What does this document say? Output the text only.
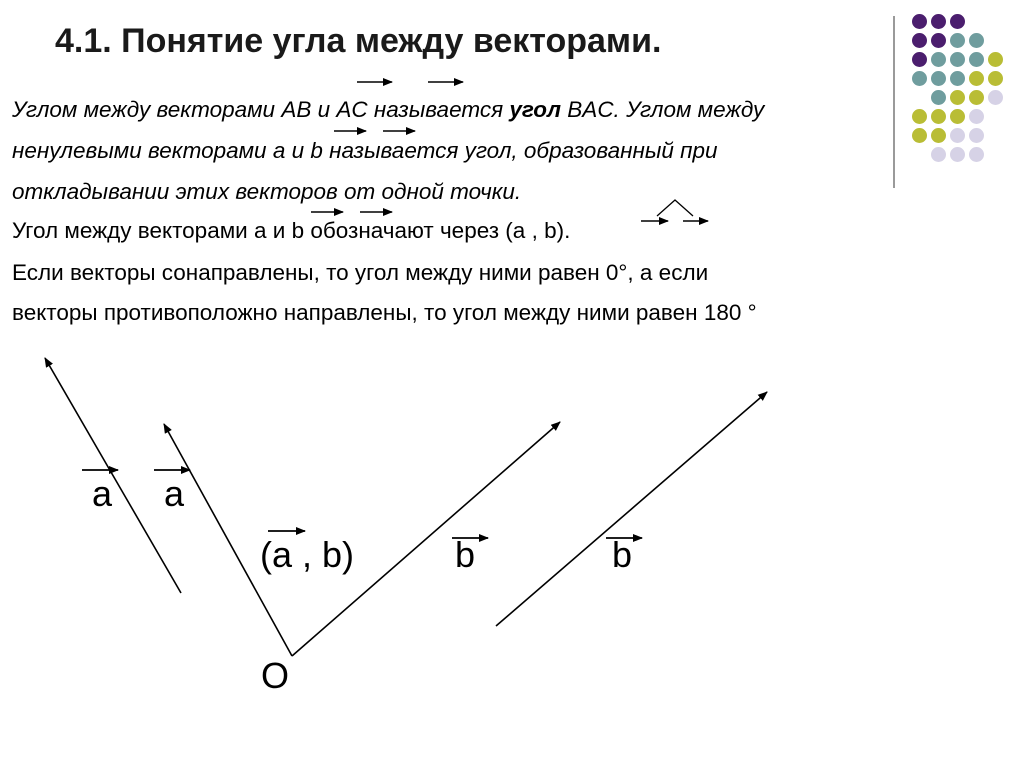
4.1. Понятие угла между векторами.
Углом между векторами AB и AC называется угол BAC. Углом между
ненулевыми векторами a и b называется угол, образованный при
откладывании этих векторов от одной точки.
Угол между векторами a и b обозначают через (a , b).
Если векторы сонаправлены, то угол между ними равен 0°, а если
векторы противоположно направлены, то угол между ними равен 180 °
a a
(a , b)	b	b
O
